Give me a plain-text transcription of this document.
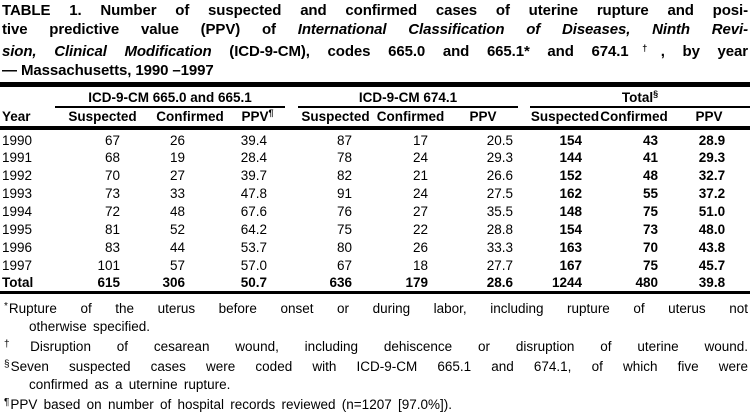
TABLE 1. Number of suspected and confirmed cases of uterine rupture and posi-
tive predictive value (PPV) of International Classification of Diseases, Ninth Revi-
sion, Clinical Modification (ICD-9-CM), codes 665.0 and 665.1* and 674.1†, by year
— Massachusetts, 1990 –1997
	ICD-9-CM 665.0 and 665.1				ICD-9-CM 674.1				Total§
Year	Suspected	Confirmed	PPV¶		Suspected	Confirmed	PPV		Suspected	Confirmed	PPV
1990	67	26	39.4		87	17	20.5		154	43	28.9
1991	68	19	28.4		78	24	29.3		144	41	29.3
1992	70	27	39.7		82	21	26.6		152	48	32.7
1993	73	33	47.8		91	24	27.5		162	55	37.2
1994	72	48	67.6		76	27	35.5		148	75	51.0
1995	81	52	64.2		75	22	28.8		154	73	48.0
1996	83	44	53.7		80	26	33.3		163	70	43.8
1997	101	57	57.0		67	18	27.7		167	75	45.7
Total	615	306	50.7		636	179	28.6		1244	480	39.8
*Rupture of the uterus before onset or during labor, including rupture of uterus not
otherwise specified.
†Disruption of cesarean wound, including dehiscence or disruption of uterine wound.
§Seven suspected cases were coded with ICD-9-CM 665.1 and 674.1, of which five were
confirmed as a uternine rupture.
¶PPV based on number of hospital records reviewed (n=1207 [97.0%]).
